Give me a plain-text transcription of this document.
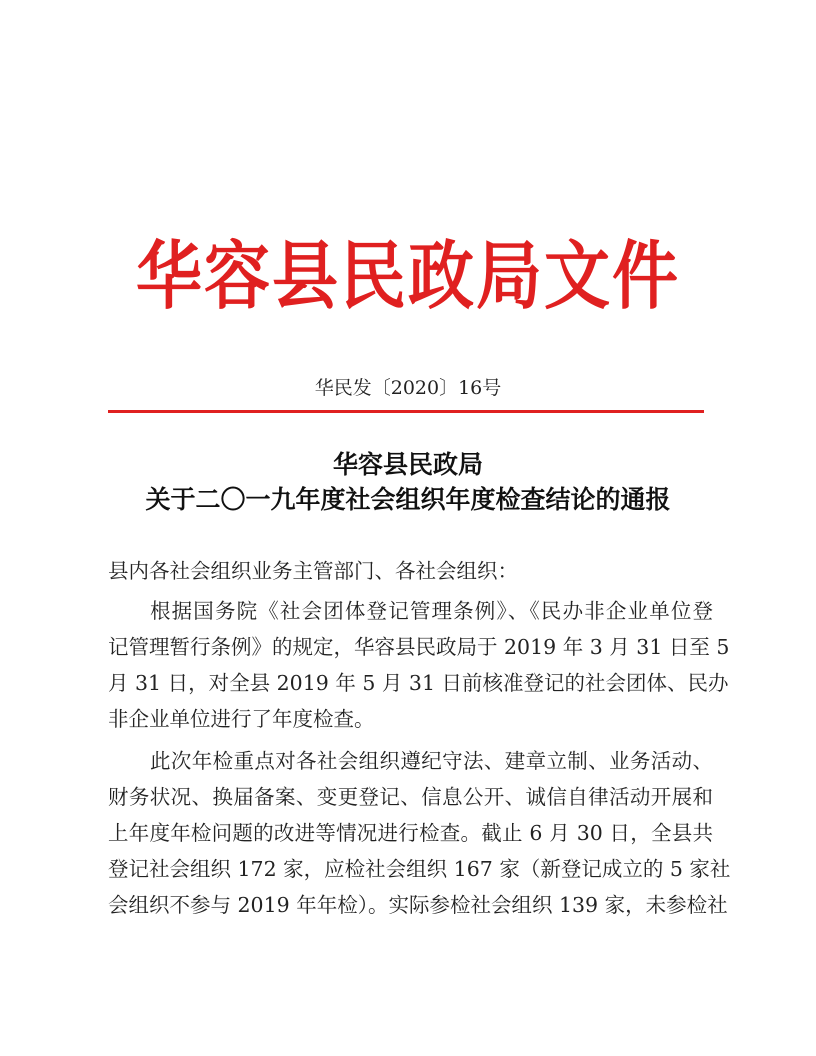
华容县民政局文件
华民发〔2020〕16号
华容县民政局
关于二〇一九年度社会组织年度检查结论的通报
县内各社会组织业务主管部门、各社会组织：
根据国务院《社会团体登记管理条例》、《民办非企业单位登
记管理暂行条例》的规定，华容县民政局于 2019 年 3 月 31 日至 5
月 31 日，对全县 2019 年 5 月 31 日前核准登记的社会团体、民办
非企业单位进行了年度检查。
此次年检重点对各社会组织遵纪守法、建章立制、业务活动、
财务状况、换届备案、变更登记、信息公开、诚信自律活动开展和
上年度年检问题的改进等情况进行检查。截止 6 月 30 日，全县共
登记社会组织 172 家，应检社会组织 167 家（新登记成立的 5 家社
会组织不参与 2019 年年检）。实际参检社会组织 139 家，未参检社
